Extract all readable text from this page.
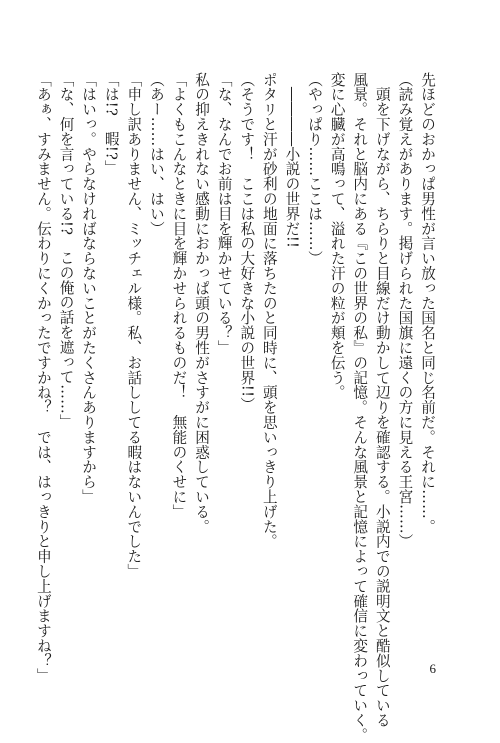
先ほどのおかっぱ男性が言い放った国名と同じ名前だ。それに……。
（読み覚えがあります。掲げられた国旗に遠くの方に見える王宮……）
　頭を下げながら、ちらりと目線だけ動かして辺りを確認する。小説内での説明文と酷似している
風景。それと脳内にある『この世界の私』の記憶。そんな風景と記憶によって確信に変わっていく。
変に心臓が高鳴って、溢れた汗の粒が頬を伝う。
（やっぱり……ここは……）
　――――小説の世界だ!!
ポタリと汗が砂利の地面に落ちたのと同時に、頭を思いっきり上げた。
（そうです！　ここは私の大好きな小説の世界!!）
「な、なんでお前は目を輝かせている？」
私の抑えきれない感動におかっぱ頭の男性がさすがに困惑している。
「よくもこんなときに目を輝かせられるものだ！　無能のくせに」
（あー……はい、はい）
「申し訳ありません、ミッチェル様。私、お話ししてる暇はないんでした」
「は!?　暇!?」
「はいっ。やらなければならないことがたくさんありますから」
「な、何を言っている!?　この俺の話を遮って……」
「あぁ、すみません。伝わりにくかったですかね？　では、はっきりと申し上げますね？」	6
